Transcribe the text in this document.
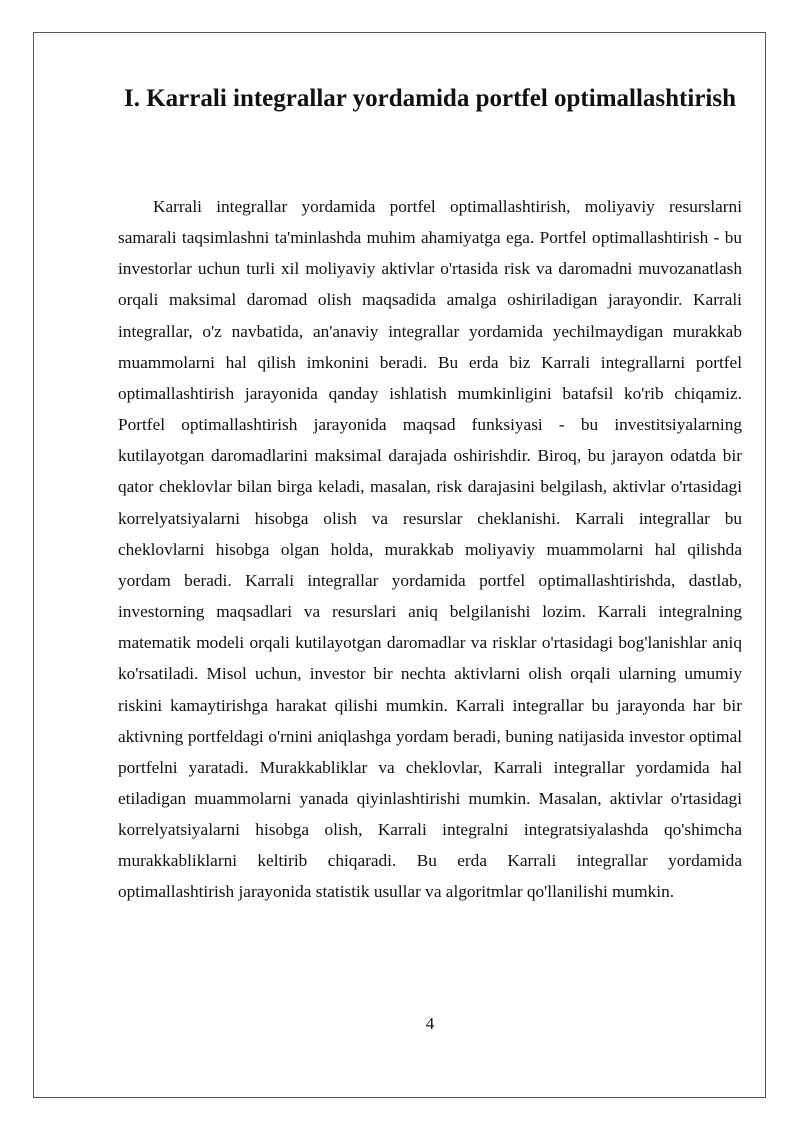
I. Karrali integrallar yordamida portfel optimallashtirish

Karrali integrallar yordamida portfel optimallashtirish, moliyaviy resurslarni samarali taqsimlashni ta'minlashda muhim ahamiyatga ega. Portfel optimallashtirish - bu investorlar uchun turli xil moliyaviy aktivlar o'rtasida risk va daromadni muvozanatlash orqali maksimal daromad olish maqsadida amalga oshiriladigan jarayondir. Karrali integrallar, o'z navbatida, an'anaviy integrallar yordamida yechilmaydigan murakkab muammolarni hal qilish imkonini beradi. Bu erda biz Karrali integrallarni portfel optimallashtirish jarayonida qanday ishlatish mumkinligini batafsil ko'rib chiqamiz. Portfel optimallashtirish jarayonida maqsad funksiyasi - bu investitsiyalarning kutilayotgan daromadlarini maksimal darajada oshirishdir. Biroq, bu jarayon odatda bir qator cheklovlar bilan birga keladi, masalan, risk darajasini belgilash, aktivlar o'rtasidagi korrelyatsiyalarni hisobga olish va resurslar cheklanishi. Karrali integrallar bu cheklovlarni hisobga olgan holda, murakkab moliyaviy muammolarni hal qilishda yordam beradi. Karrali integrallar yordamida portfel optimallashtirishda, dastlab, investorning maqsadlari va resurslari aniq belgilanishi lozim. Karrali integralning matematik modeli orqali kutilayotgan daromadlar va risklar o'rtasidagi bog'lanishlar aniq ko'rsatiladi. Misol uchun, investor bir nechta aktivlarni olish orqali ularning umumiy riskini kamaytirishga harakat qilishi mumkin. Karrali integrallar bu jarayonda har bir aktivning portfeldagi o'rnini aniqlashga yordam beradi, buning natijasida investor optimal portfelni yaratadi. Murakkabliklar va cheklovlar, Karrali integrallar yordamida hal etiladigan muammolarni yanada qiyinlashtirishi mumkin. Masalan, aktivlar o'rtasidagi korrelyatsiyalarni hisobga olish, Karrali integralni integratsiyalashda qo'shimcha murakkabliklarni keltirib chiqaradi. Bu erda Karrali integrallar yordamida optimallashtirish jarayonida statistik usullar va algoritmlar qo'llanilishi mumkin.

4
